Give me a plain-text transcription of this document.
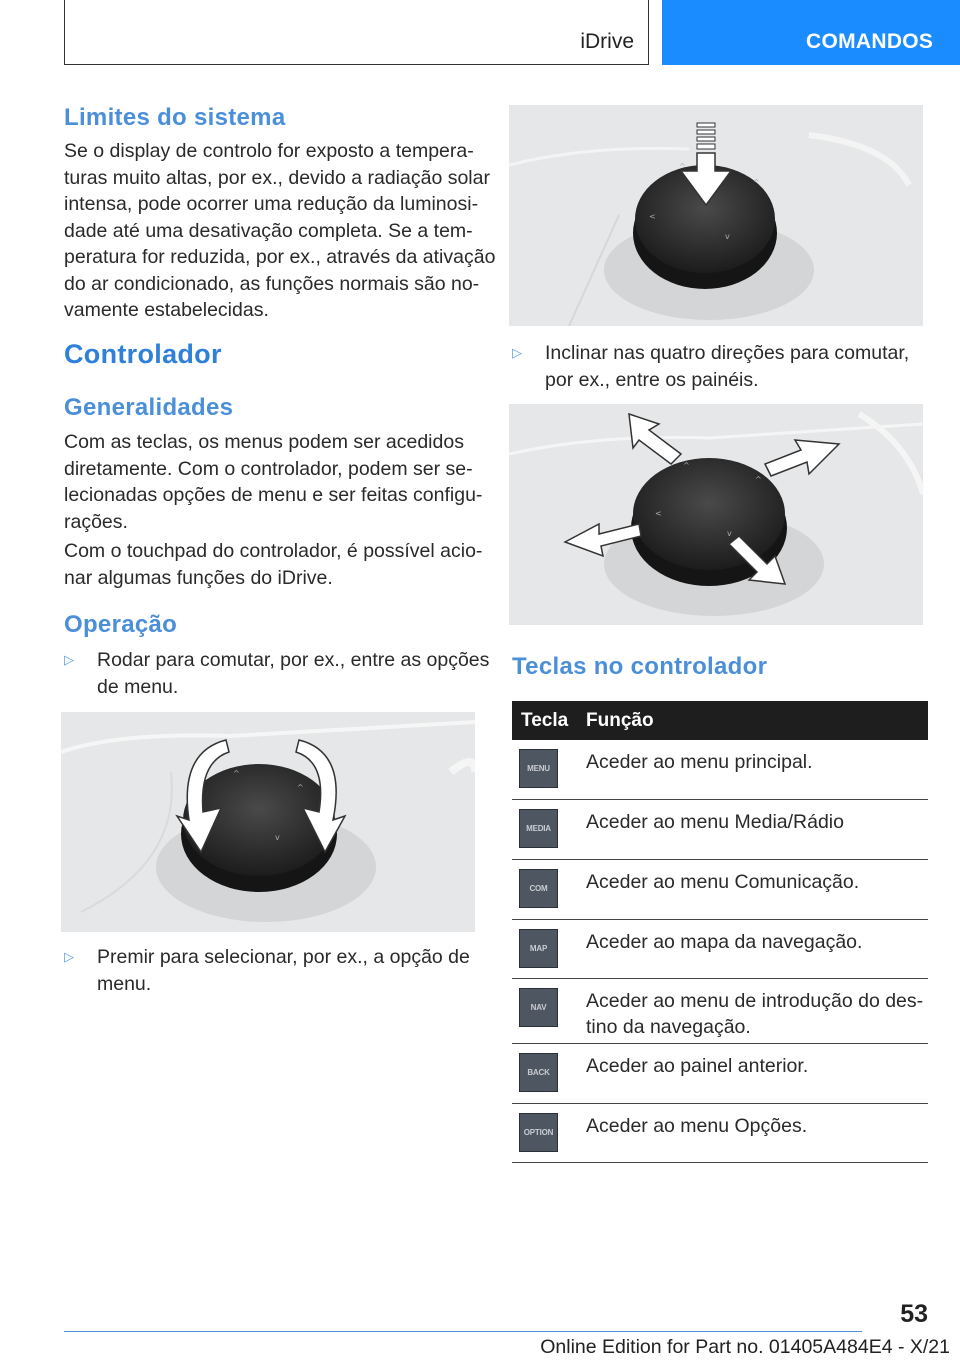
iDrive	COMANDOS
Limites do sistema
Se o display de controlo for exposto a tempera-
turas muito altas, por ex., devido a radiação solar
intensa, pode ocorrer uma redução da luminosi-
dade até uma desativação completa. Se a tem-
peratura for reduzida, por ex., através da ativação
do ar condicionado, as funções normais são no-
vamente estabelecidas.
Controlador
Generalidades
Com as teclas, os menus podem ser acedidos
diretamente. Com o controlador, podem ser se-
lecionadas opções de menu e ser feitas configu-
rações.
Com o touchpad do controlador, é possível acio-
nar algumas funções do iDrive.
Operação
▷ Rodar para comutar, por ex., entre as opções
de menu.
^
^
v
▷ Premir para selecionar, por ex., a opção de
menu.
^
^
<
v
▷ Inclinar nas quatro direções para comutar,
por ex., entre os painéis.
^
^
<
v
Teclas no controlador
Tecla Função
MENU	Aceder ao menu principal.
MEDIA	Aceder ao menu Media/Rádio
COM	Aceder ao menu Comunicação.
MAP	Aceder ao mapa da navegação.
NAV	Aceder ao menu de introdução do des-
tino da navegação.
BACK	Aceder ao painel anterior.
OPTION Aceder ao menu Opções.
53
Online Edition for Part no. 01405A484E4 - X/21
